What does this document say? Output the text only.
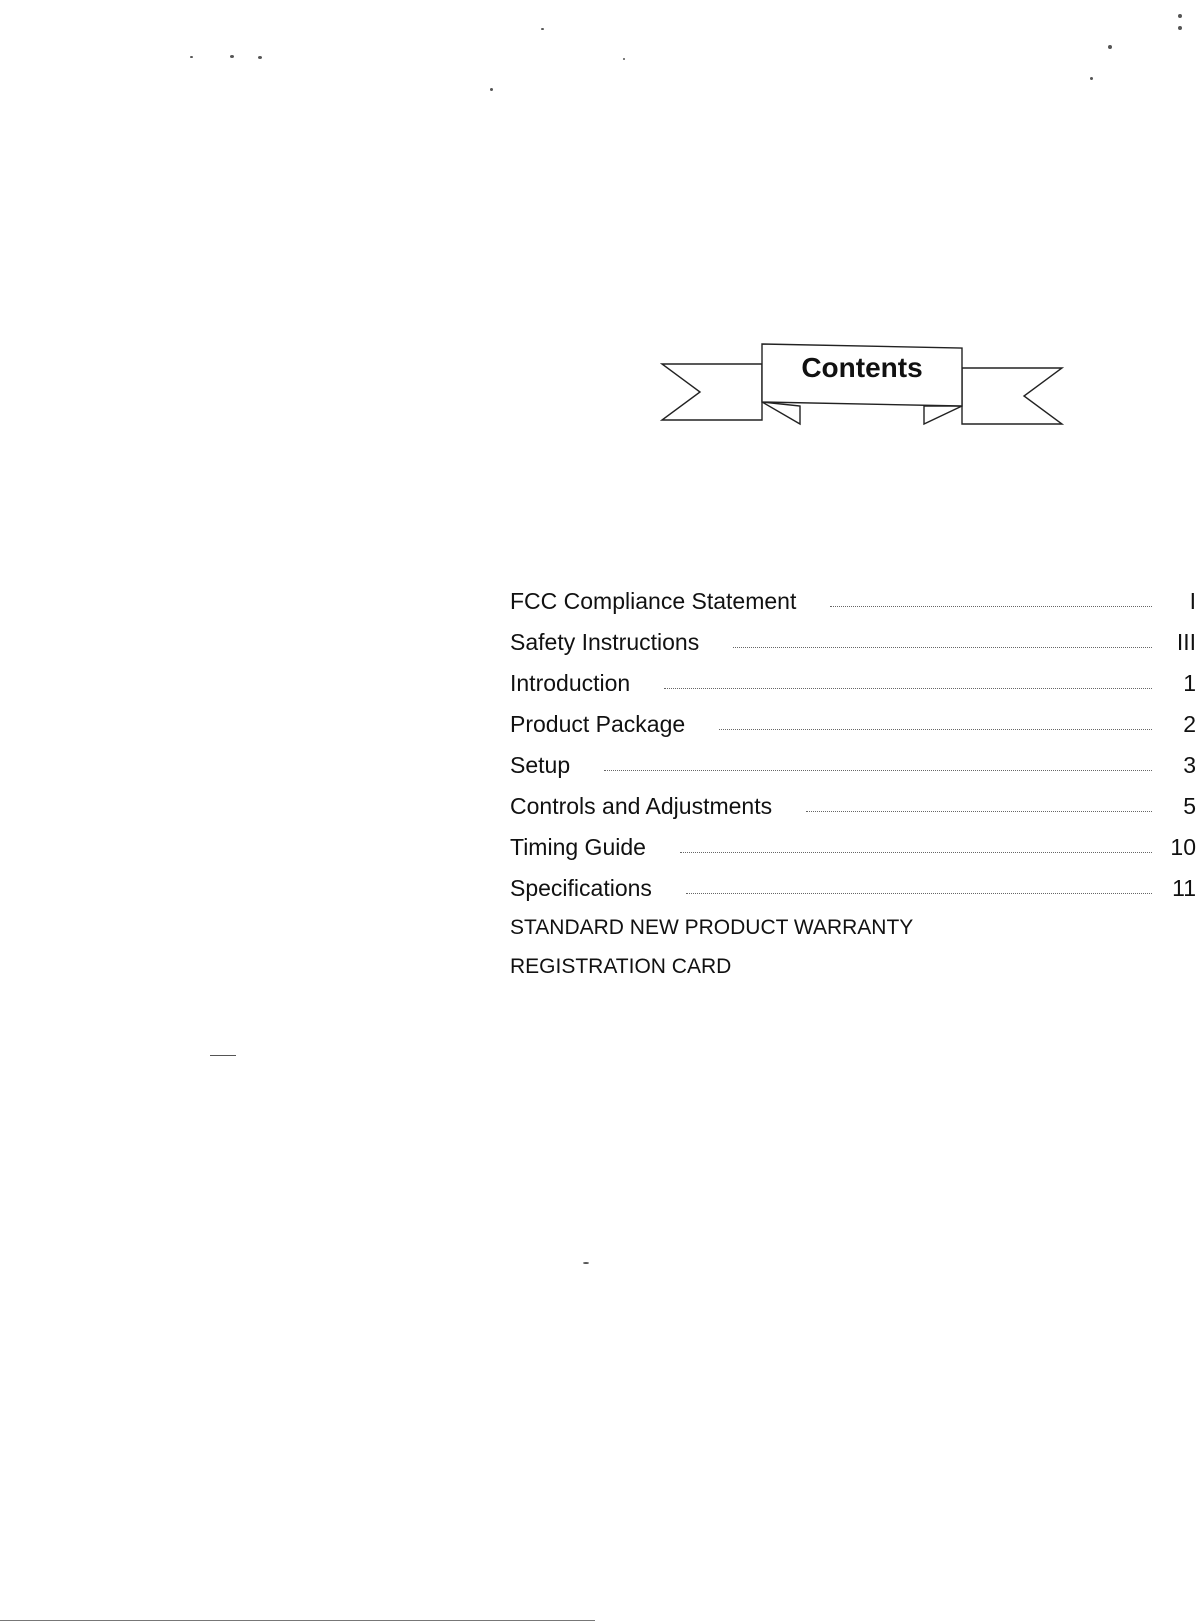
Contents
FCC Compliance Statement	I
Safety Instructions	III
Introduction	1
Product Package	2
Setup	3
Controls and Adjustments	5
Timing Guide	10
Specifications	11
STANDARD NEW PRODUCT WARRANTY
REGISTRATION CARD
